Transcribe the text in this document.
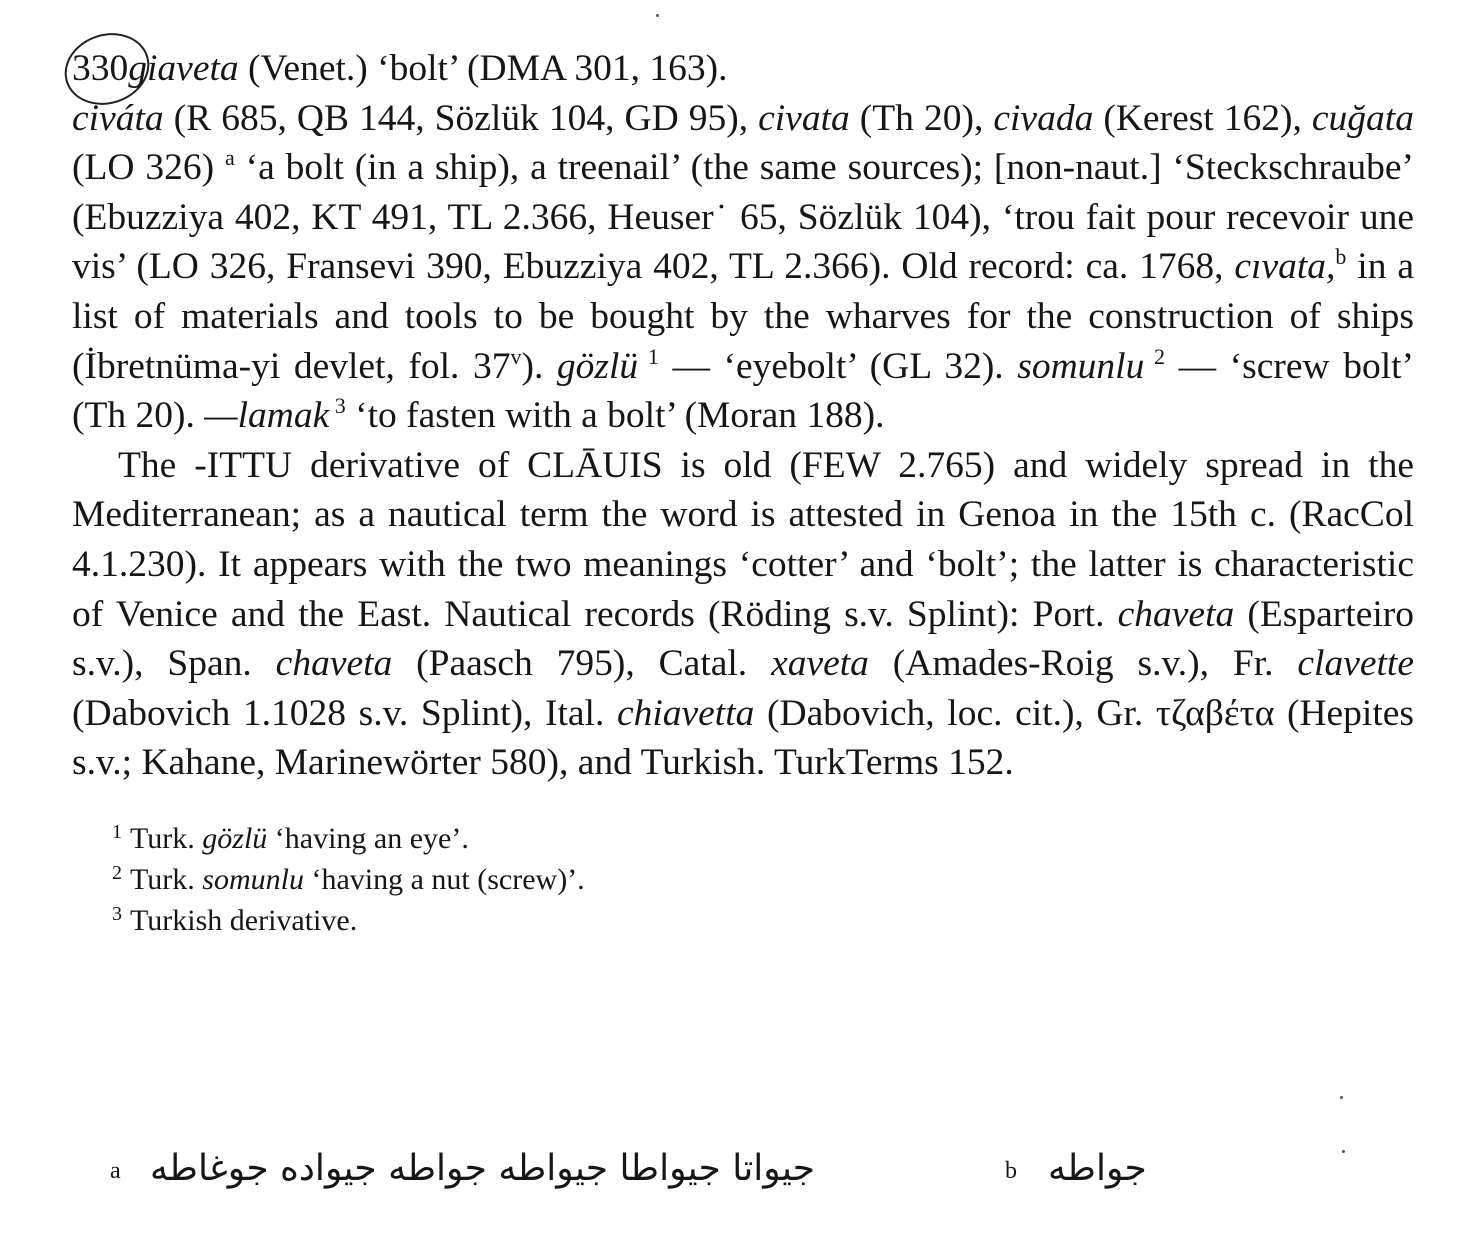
330
giaveta (Venet.) ‘bolt’ (DMA 301, 163).
civáta (R 685, QB 144, Sözlük 104, GD 95), civata (Th 20), civada (Kerest 162), cuğata (LO 326) $^a$ ‘a bolt (in a ship), a treenail’ (the same sources); [non-naut.] ‘Steckschraube’ (Ebuzziya 402, KT 491, TL 2.366, Heuser˙ 65, Sözlük 104), ‘trou fait pour recevoir une vis’ (LO 326, Fransevi 390, Ebuzziya 402, TL 2.366). Old record: ca. 1768, cıvata,$^b$ in a list of materials and tools to be bought by the wharves for the construction of ships (İbretnüma-yi devlet, fol. 37$^v$). gözlü $^1$ — ‘eyebolt’ (GL 32). somunlu $^2$ — ‘screw bolt’ (Th 20). —lamak $^3$ ‘to fasten with a bolt’ (Moran 188).

The -ITTU derivative of CLĀUIS is old (FEW 2.765) and widely spread in the Mediterranean; as a nautical term the word is attested in Genoa in the 15th c. (RacCol 4.1.230). It appears with the two meanings ‘cotter’ and ‘bolt’; the latter is characteristic of Venice and the East. Nautical records (Röding s.v. Splint): Port. chaveta (Esparteiro s.v.), Span. chaveta (Paasch 795), Catal. xaveta (Amades-Roig s.v.), Fr. clavette (Dabovich 1.1028 s.v. Splint), Ital. chiavetta (Dabovich, loc. cit.), Gr. τζαβέτα (Hepites s.v.; Kahane, Marinewörter 580), and Turkish. TurkTerms 152.

$^1$ Turk. gözlü ‘having an eye’.

$^2$ Turk. somunlu ‘having a nut (screw)’.

$^3$ Turkish derivative.

a جيواتا جيواطا جيواطه جواطه جيواده جوغاطه	b جواطه
